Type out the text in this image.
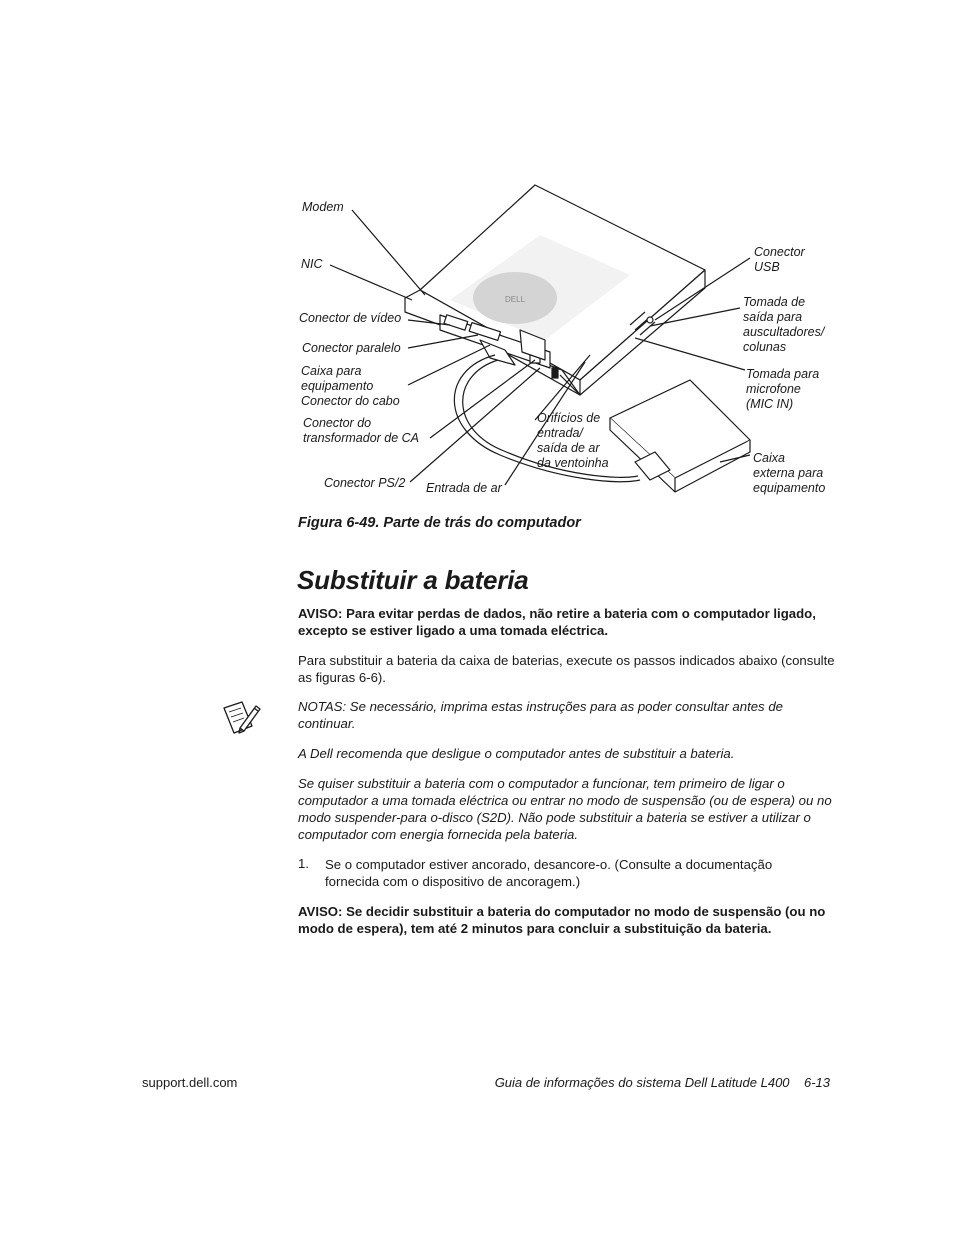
DELL
Modem
NIC
Conector de vídeo
Conector paralelo
Caixa para
equipamento
Conector do cabo
Conector do
transformador de CA
Conector PS/2 Entrada de ar
Orifícios de
entrada/
saída de ar
da ventoinha
Conector
USB
Tomada de
saída para
auscultadores/
colunas
Tomada para
microfone
(MIC IN)
Caixa
externa para
equipamento
Figura 6-49. Parte de trás do computador
Substituir a bateria
AVISO: Para evitar perdas de dados, não retire a bateria com o computador ligado, excepto se estiver ligado a uma tomada eléctrica.
Para substituir a bateria da caixa de baterias, execute os passos indicados abaixo (consulte as figuras 6-6).
NOTAS: Se necessário, imprima estas instruções para as poder consultar antes de continuar.
A Dell recomenda que desligue o computador antes de substituir a bateria.
Se quiser substituir a bateria com o computador a funcionar, tem primeiro de ligar o computador a uma tomada eléctrica ou entrar no modo de suspensão (ou de espera) ou no modo suspender-para o-disco (S2D). Não pode substituir a bateria se estiver a utilizar o computador com energia fornecida pela bateria.
1. Se o computador estiver ancorado, desancore-o. (Consulte a documentação fornecida com o dispositivo de ancoragem.)
AVISO: Se decidir substituir a bateria do computador no modo de suspensão (ou no modo de espera), tem até 2 minutos para concluir a substituição da bateria.
support.dell.com	Guia de informações do sistema Dell Latitude L400    6-13
